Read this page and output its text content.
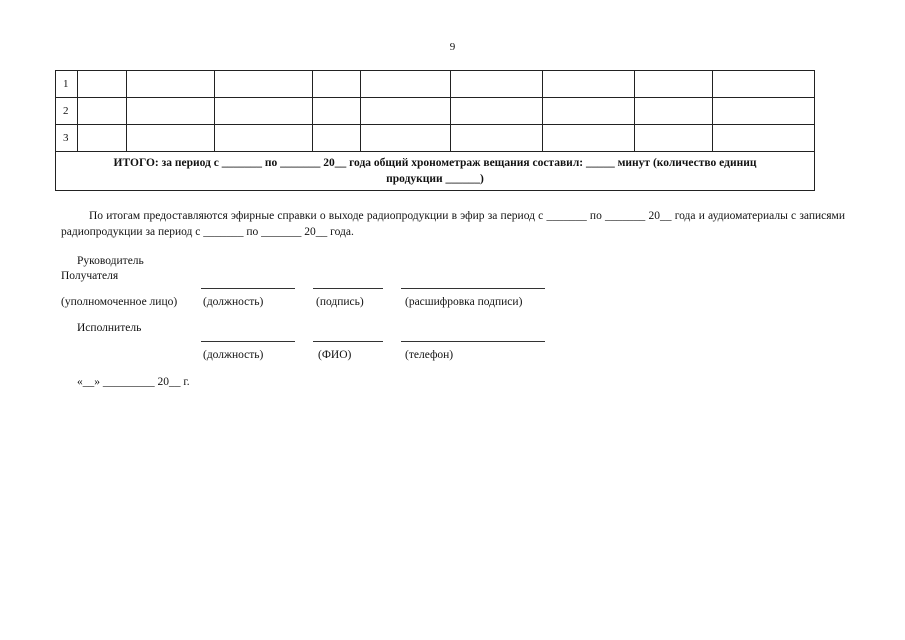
9
1									
2									
3									

ИТОГО: за период с _______ по _______ 20__ года общий хронометраж вещания составил: _____ минут (количество единиц
продукции ______)									
По итогам предоставляются эфирные справки о выходе радиопродукции в эфир за период с _______ по _______ 20__ года и аудиоматериалы с записями радиопродукции за период с _______ по _______ 20__ года.
Руководитель
Получателя
(уполномоченное лицо) (должность)	(подпись)	(расшифровка подписи)
Исполнитель
(должность)	(ФИО)	(телефон)
«__» _________ 20__ г.
